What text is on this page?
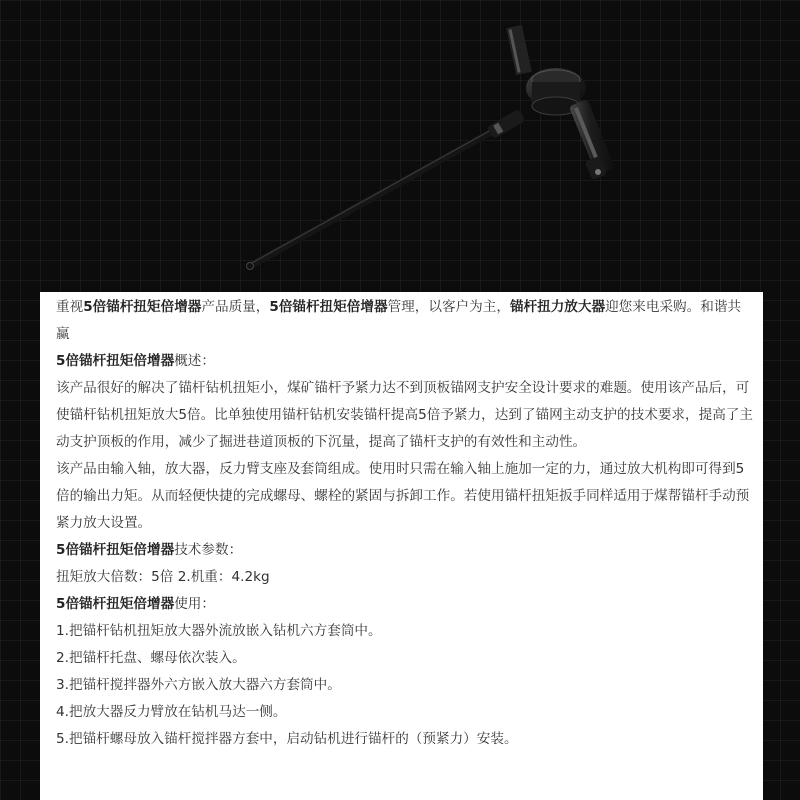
重视5倍锚杆扭矩倍增器产品质量，5倍锚杆扭矩倍增器管理，以客户为主，锚杆扭力放大器迎您来电采购。和谐共赢

5倍锚杆扭矩倍增器概述：

该产品很好的解决了锚杆钻机扭矩小，煤矿锚杆予紧力达不到顶板锚网支护安全设计要求的难题。使用该产品后，可使锚杆钻机扭矩放大5倍。比单独使用锚杆钻机安装锚杆提高5倍予紧力，达到了锚网主动支护的技术要求，提高了主动支护顶板的作用，减少了掘进巷道顶板的下沉量，提高了锚杆支护的有效性和主动性。

该产品由输入轴，放大器，反力臂支座及套筒组成。使用时只需在输入轴上施加一定的力，通过放大机构即可得到5倍的输出力矩。从而轻便快捷的完成螺母、螺栓的紧固与拆卸工作。若使用锚杆扭矩扳手同样适用于煤帮锚杆手动预紧力放大设置。

5倍锚杆扭矩倍增器技术参数：

扭矩放大倍数：5倍 2.机重：4.2kg

5倍锚杆扭矩倍增器使用：

1.把锚杆钻机扭矩放大器外流放嵌入钻机六方套筒中。

2.把锚杆托盘、螺母依次装入。

3.把锚杆搅拌器外六方嵌入放大器六方套筒中。

4.把放大器反力臂放在钻机马达一侧。

5.把锚杆螺母放入锚杆搅拌器方套中，启动钻机进行锚杆的（预紧力）安装。
